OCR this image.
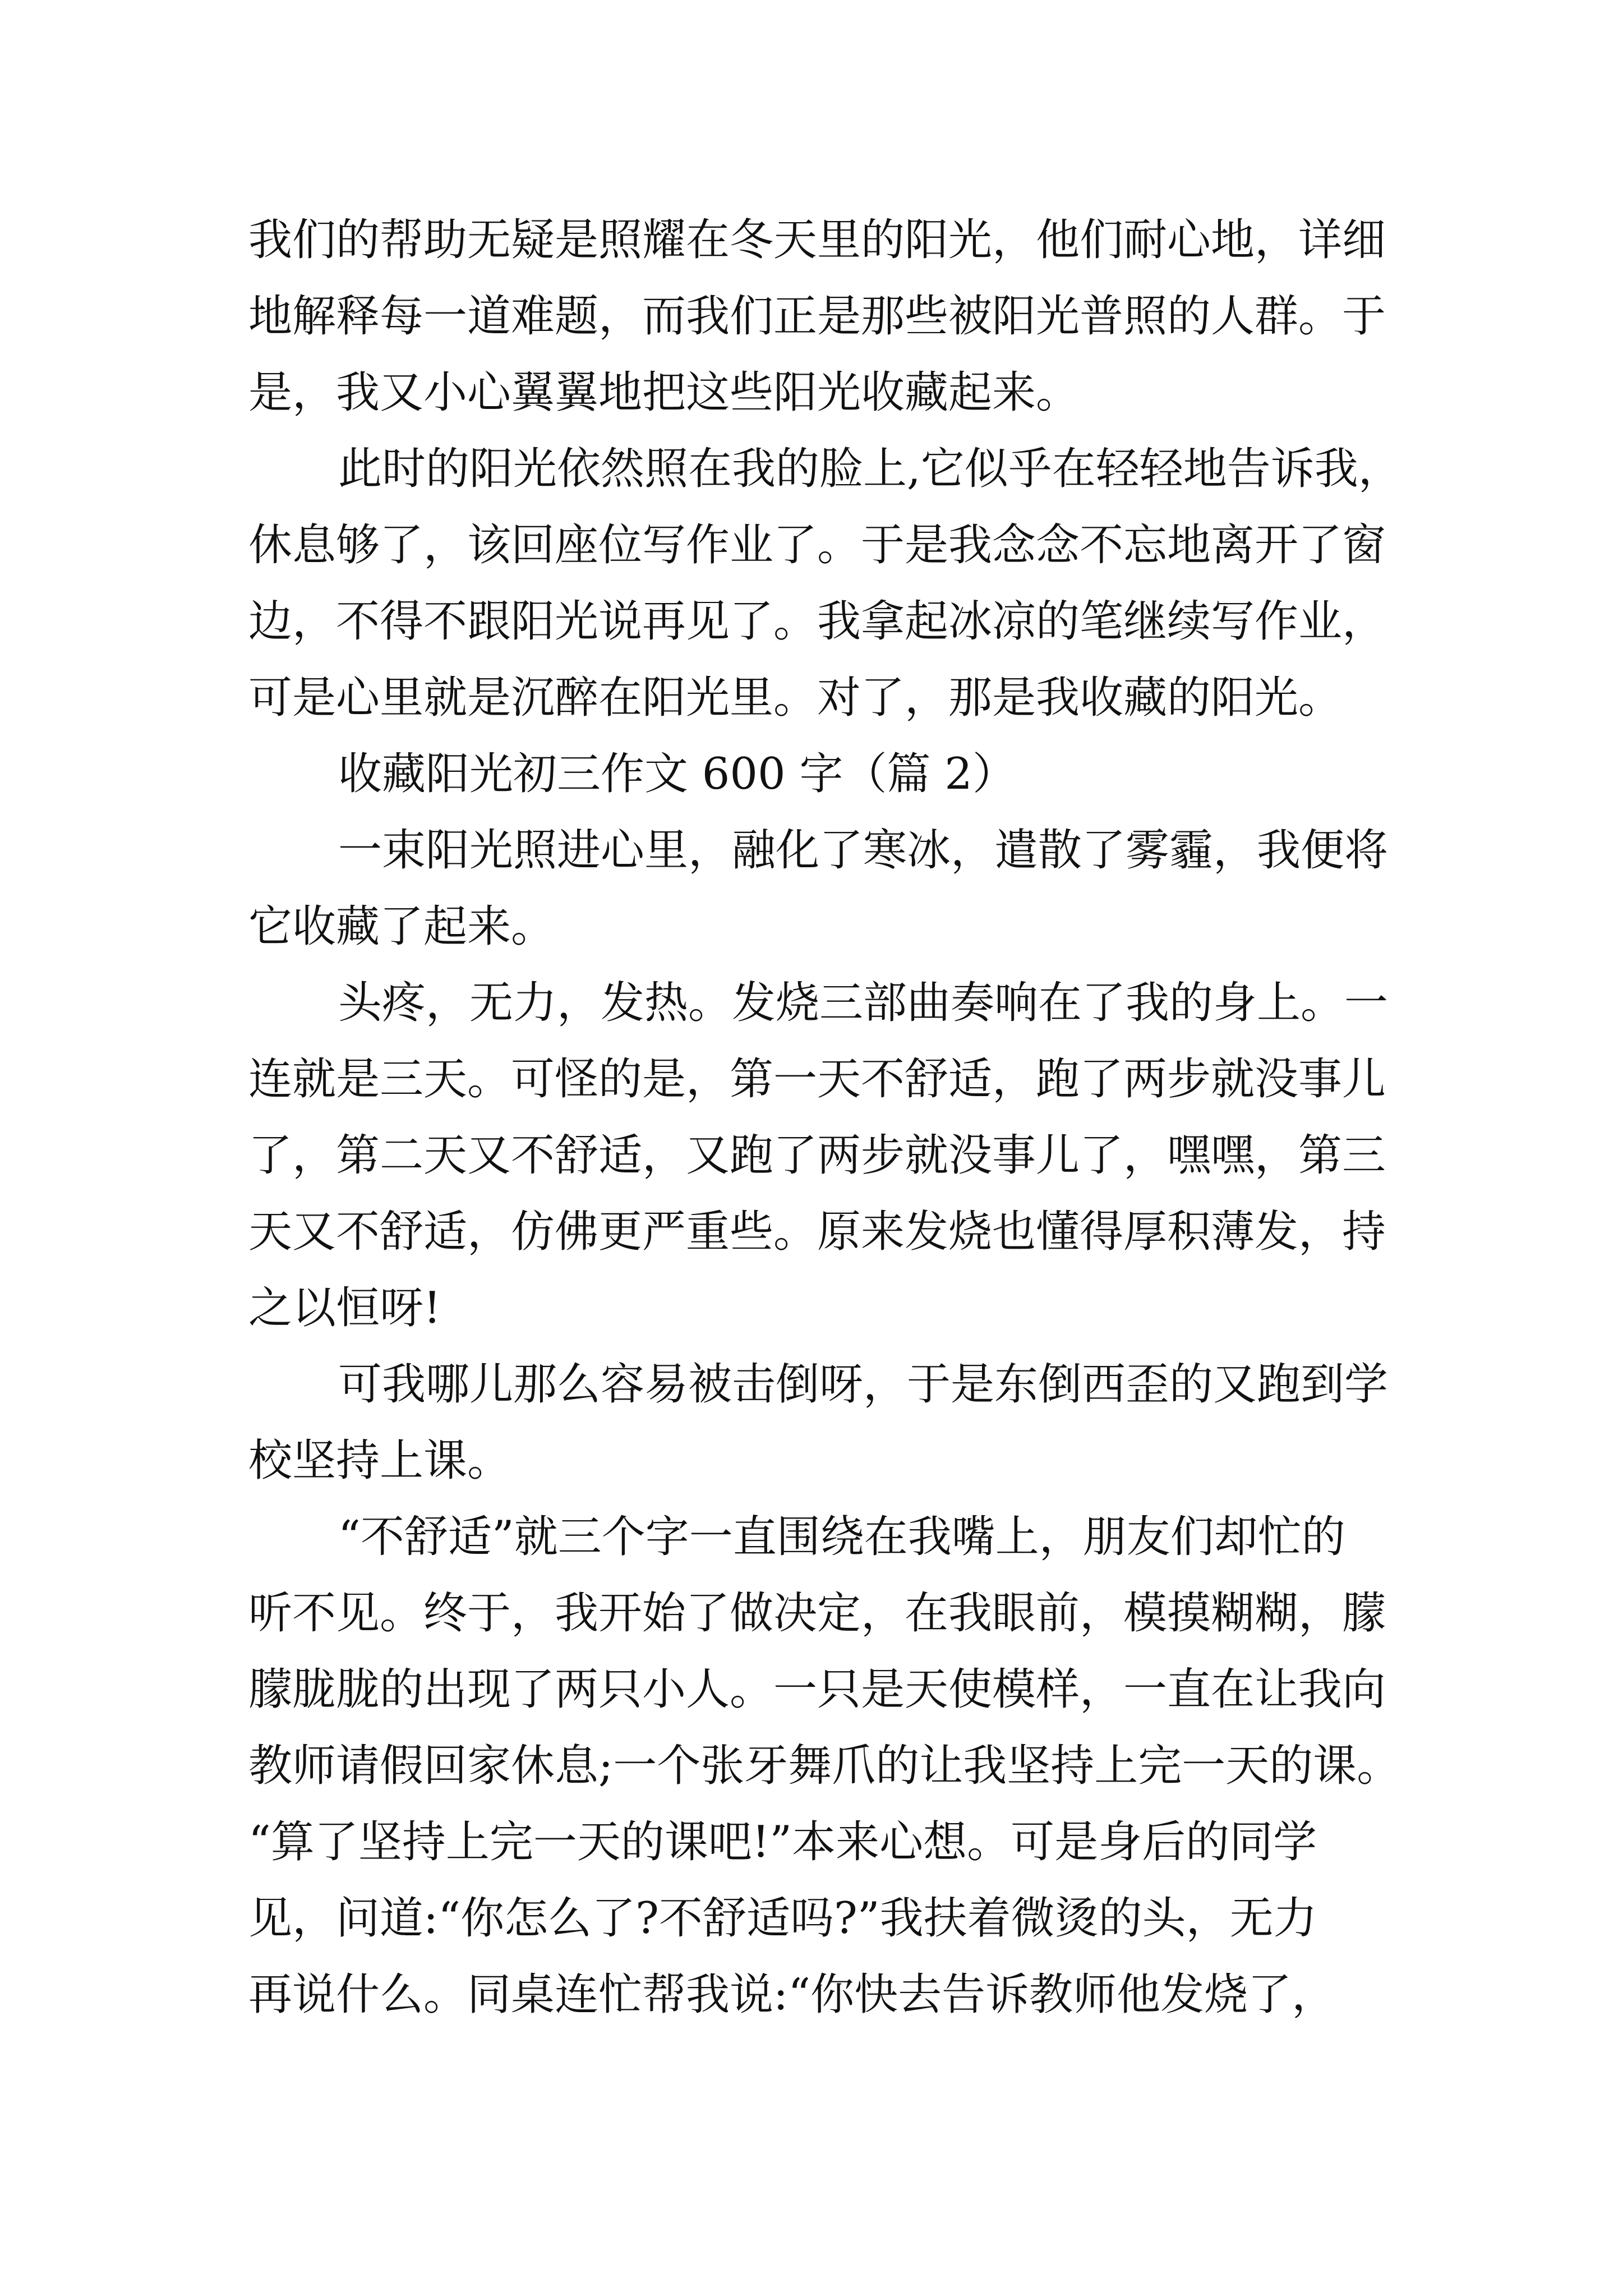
我们的帮助无疑是照耀在冬天里的阳光，他们耐心地，详细
地解释每一道难题，而我们正是那些被阳光普照的人群。于
是，我又小心翼翼地把这些阳光收藏起来。
此时的阳光依然照在我的脸上,它似乎在轻轻地告诉我，
休息够了，该回座位写作业了。于是我念念不忘地离开了窗
边，不得不跟阳光说再见了。我拿起冰凉的笔继续写作业，
可是心里就是沉醉在阳光里。对了，那是我收藏的阳光。
收藏阳光初三作文 600 字（篇 2）
一束阳光照进心里，融化了寒冰，遣散了雾霾，我便将
它收藏了起来。
头疼，无力，发热。发烧三部曲奏响在了我的身上。一
连就是三天。可怪的是，第一天不舒适，跑了两步就没事儿
了，第二天又不舒适，又跑了两步就没事儿了，嘿嘿，第三
天又不舒适，仿佛更严重些。原来发烧也懂得厚积薄发，持
之以恒呀!
可我哪儿那么容易被击倒呀，于是东倒西歪的又跑到学
校坚持上课。
“不舒适”就三个字一直围绕在我嘴上，朋友们却忙的
听不见。终于，我开始了做决定，在我眼前，模摸糊糊，朦
朦胧胧的出现了两只小人。一只是天使模样，一直在让我向
教师请假回家休息;一个张牙舞爪的让我坚持上完一天的课。
“算了坚持上完一天的课吧!”本来心想。可是身后的同学
见，问道:“你怎么了?不舒适吗?”我扶着微烫的头，无力
再说什么。同桌连忙帮我说:“你快去告诉教师他发烧了，
